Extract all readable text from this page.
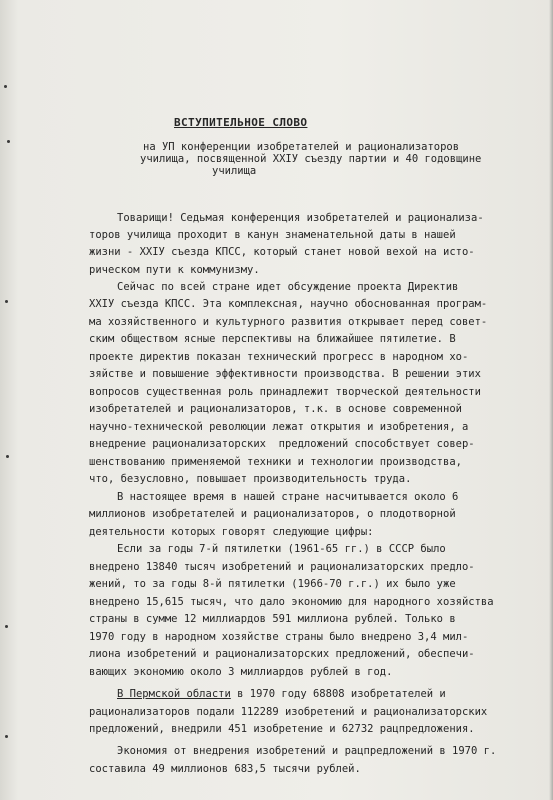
ВСТУПИТЕЛЬНОЕ СЛОВО
на УП конференции изобретателей и рационализаторов
училища, посвященной ХХIУ съезду партии и 40 годовщине
училища
Товарищи! Седьмая конференция изобретателей и рационализа-
торов училища проходит в канун знаменательной даты в нашей
жизни - ХХIУ съезда КПСС, который станет новой вехой на исто-
рическом пути к коммунизму.
Сейчас по всей стране идет обсуждение проекта Директив
ХХIУ съезда КПСС. Эта комплексная, научно обоснованная програм-
ма хозяйственного и культурного развития открывает перед совет-
ским обществом ясные перспективы на ближайшее пятилетие. В
проекте директив показан технический прогресс в народном хо-
зяйстве и повышение эффективности производства. В решении этих
вопросов существенная роль принадлежит творческой деятельности
изобретателей и рационализаторов, т.к. в основе современной
научно-технической революции лежат открытия и изобретения, а
внедрение рационализаторских  предложений способствует совер-
шенствованию применяемой техники и технологии производства,
что, безусловно, повышает производительность труда.
В настоящее время в нашей стране насчитывается около 6
миллионов изобретателей и рационализаторов, о плодотворной
деятельности которых говорят следующие цифры:
Если за годы 7-й пятилетки (1961-65 гг.) в СССР было
внедрено 13840 тысяч изобретений и рационализаторских предло-
жений, то за годы 8-й пятилетки (1966-70 г.г.) их было уже
внедрено 15,615 тысяч, что дало экономию для народного хозяйства
страны в сумме 12 миллиардов 591 миллиона рублей. Только в
1970 году в народном хозяйстве страны было внедрено 3,4 мил-
лиона изобретений и рационализаторских предложений, обеспечи-
вающих экономию около 3 миллиардов рублей в год.
В Пермской области в 1970 году 68808 изобретателей и
рационализаторов подали 112289 изобретений и рационализаторских
предложений, внедрили 451 изобретение и 62732 рацпредложения.
Экономия от внедрения изобретений и рацпредложений в 1970 г.
составила 49 миллионов 683,5 тысячи рублей.
